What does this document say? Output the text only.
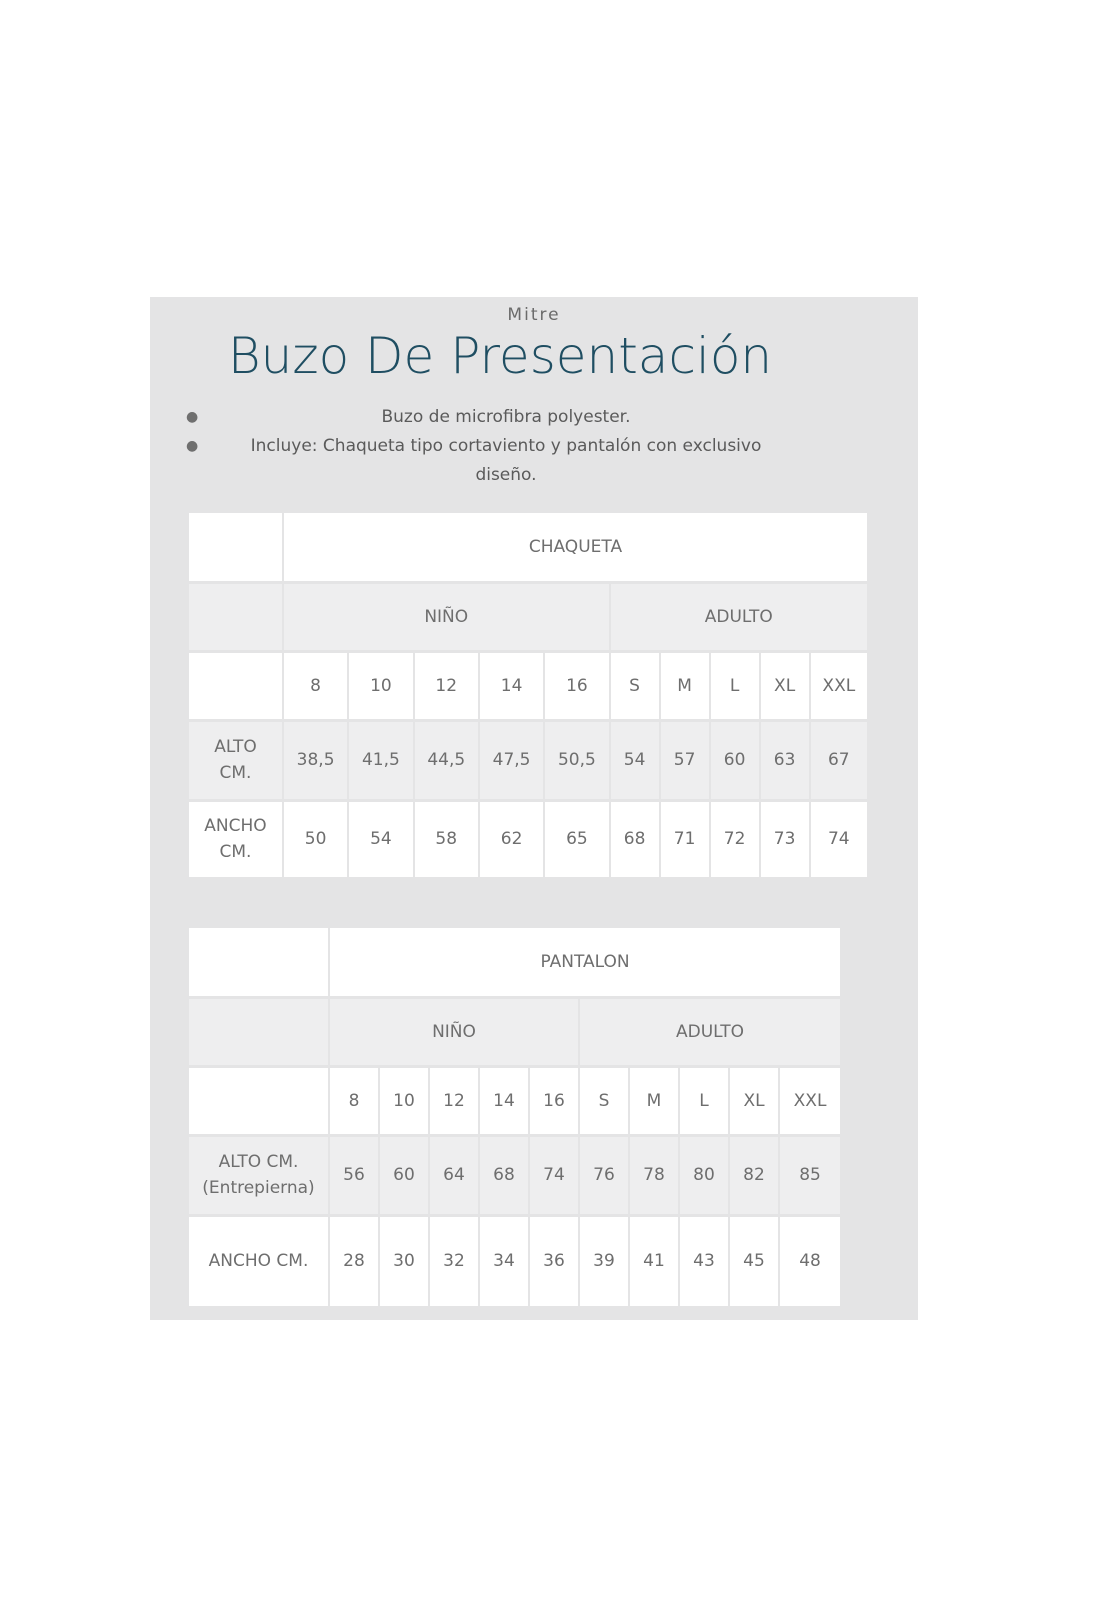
Mitre
Buzo De Presentación
●	Buzo de microfibra polyester.
●	Incluye: Chaqueta tipo cortaviento y pantalón con exclusivo diseño.
	CHAQUETA									
	NIÑO					ADULTO				
	8	10	12	14	16	S	M	L	XL	XXL

ALTO
CM.	38,5	41,5	44,5	47,5	50,5	54	57	60	63	67

ANCHO
CM.	50	54	58	62	65	68	71	72	73	74
	PANTALON									
	NIÑO					ADULTO				
	8	10	12	14	16	S	M	L	XL	XXL

ALTO CM.
(Entrepierna)	56	60	64	68	74	76	78	80	82	85
ANCHO CM.	28	30	32	34	36	39	41	43	45	48
